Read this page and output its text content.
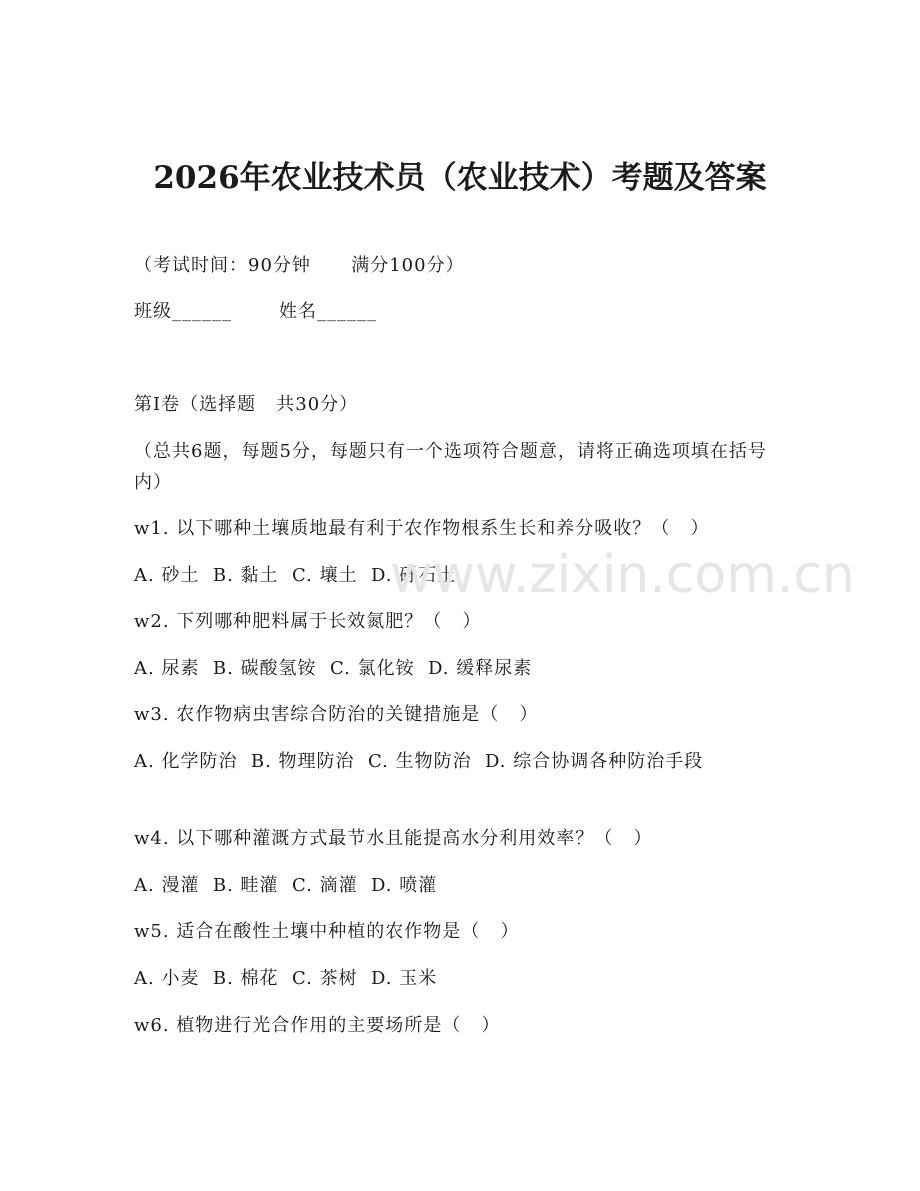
2026年农业技术员（农业技术）考题及答案
（考试时间：90分钟      满分100分）
班级______       姓名______
第I卷（选择题   共30分）
（总共6题，每题5分，每题只有一个选项符合题意，请将正确选项填在括号内）
w1. 以下哪种土壤质地最有利于农作物根系生长和养分吸收？（   ）
A. 砂土  B. 黏土  C. 壤土  D. 砾石土
w2. 下列哪种肥料属于长效氮肥？（   ）
A. 尿素  B. 碳酸氢铵  C. 氯化铵  D. 缓释尿素
w3. 农作物病虫害综合防治的关键措施是（   ）
A. 化学防治  B. 物理防治  C. 生物防治  D. 综合协调各种防治手段
w4. 以下哪种灌溉方式最节水且能提高水分利用效率？（   ）
A. 漫灌  B. 畦灌  C. 滴灌  D. 喷灌
w5. 适合在酸性土壤中种植的农作物是（   ）
A. 小麦  B. 棉花  C. 茶树  D. 玉米
w6. 植物进行光合作用的主要场所是（   ）
www.zixin.com.cn
